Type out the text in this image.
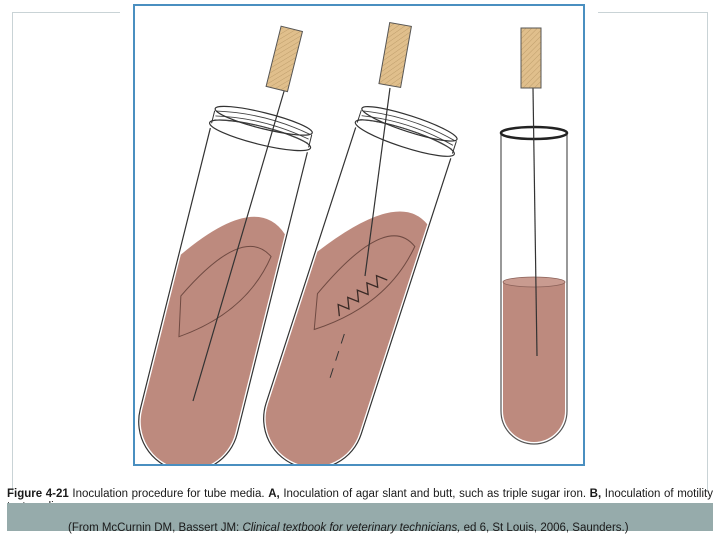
Figure 4-21 Inoculation procedure for tube media. A, Inoculation of agar slant and butt, such as triple sugar iron. B, Inoculation of motility
(From McCurnin DM, Bassert JM: Clinical textbook for veterinary technicians, ed 6, St Louis, 2006, Saunders.)
